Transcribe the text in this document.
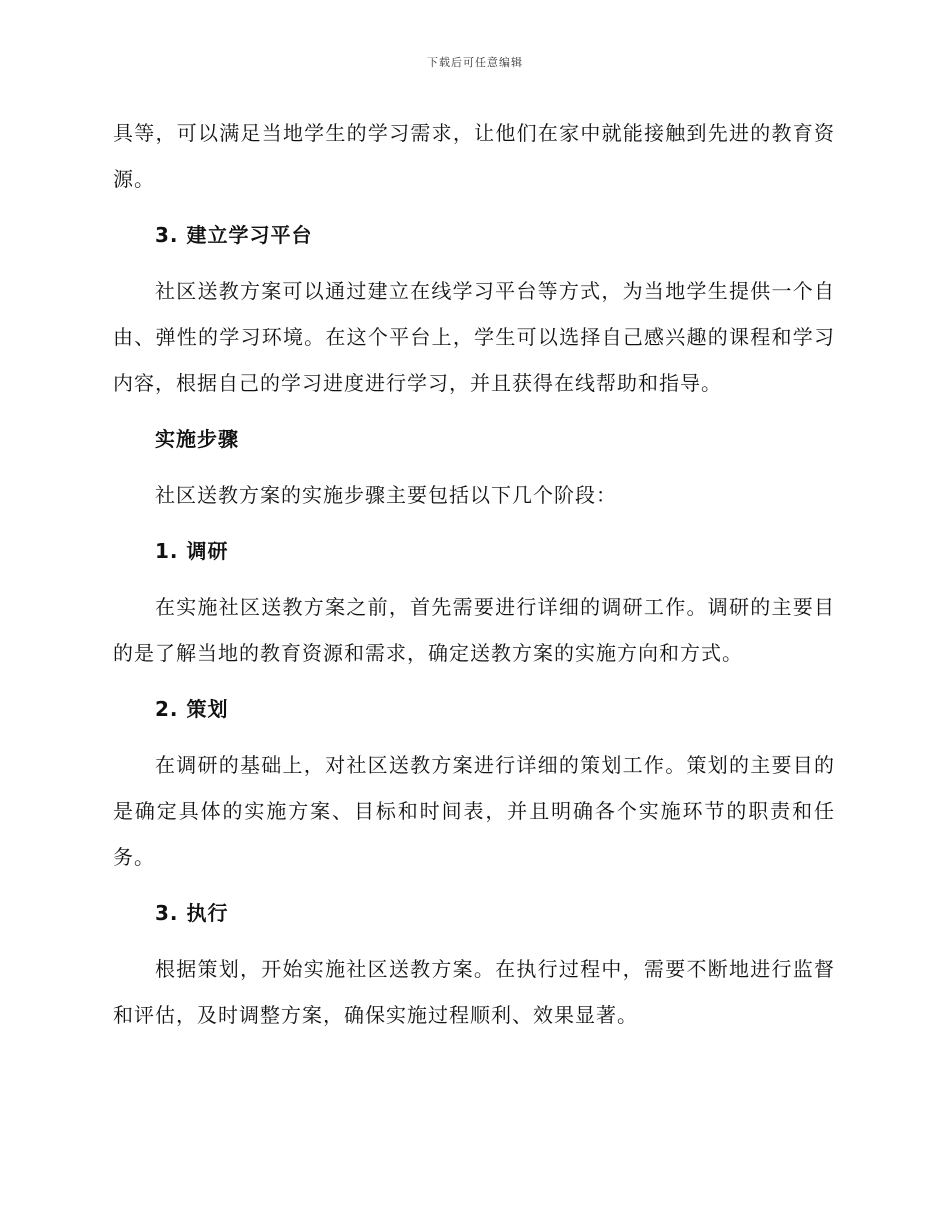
下载后可任意编辑

具等，可以满足当地学生的学习需求，让他们在家中就能接触到先进的教育资源。

3. 建立学习平台

社区送教方案可以通过建立在线学习平台等方式，为当地学生提供一个自由、弹性的学习环境。在这个平台上，学生可以选择自己感兴趣的课程和学习内容，根据自己的学习进度进行学习，并且获得在线帮助和指导。

实施步骤

社区送教方案的实施步骤主要包括以下几个阶段：

1. 调研

在实施社区送教方案之前，首先需要进行详细的调研工作。调研的主要目的是了解当地的教育资源和需求，确定送教方案的实施方向和方式。

2. 策划

在调研的基础上，对社区送教方案进行详细的策划工作。策划的主要目的是确定具体的实施方案、目标和时间表，并且明确各个实施环节的职责和任务。

3. 执行

根据策划，开始实施社区送教方案。在执行过程中，需要不断地进行监督和评估，及时调整方案，确保实施过程顺利、效果显著。
